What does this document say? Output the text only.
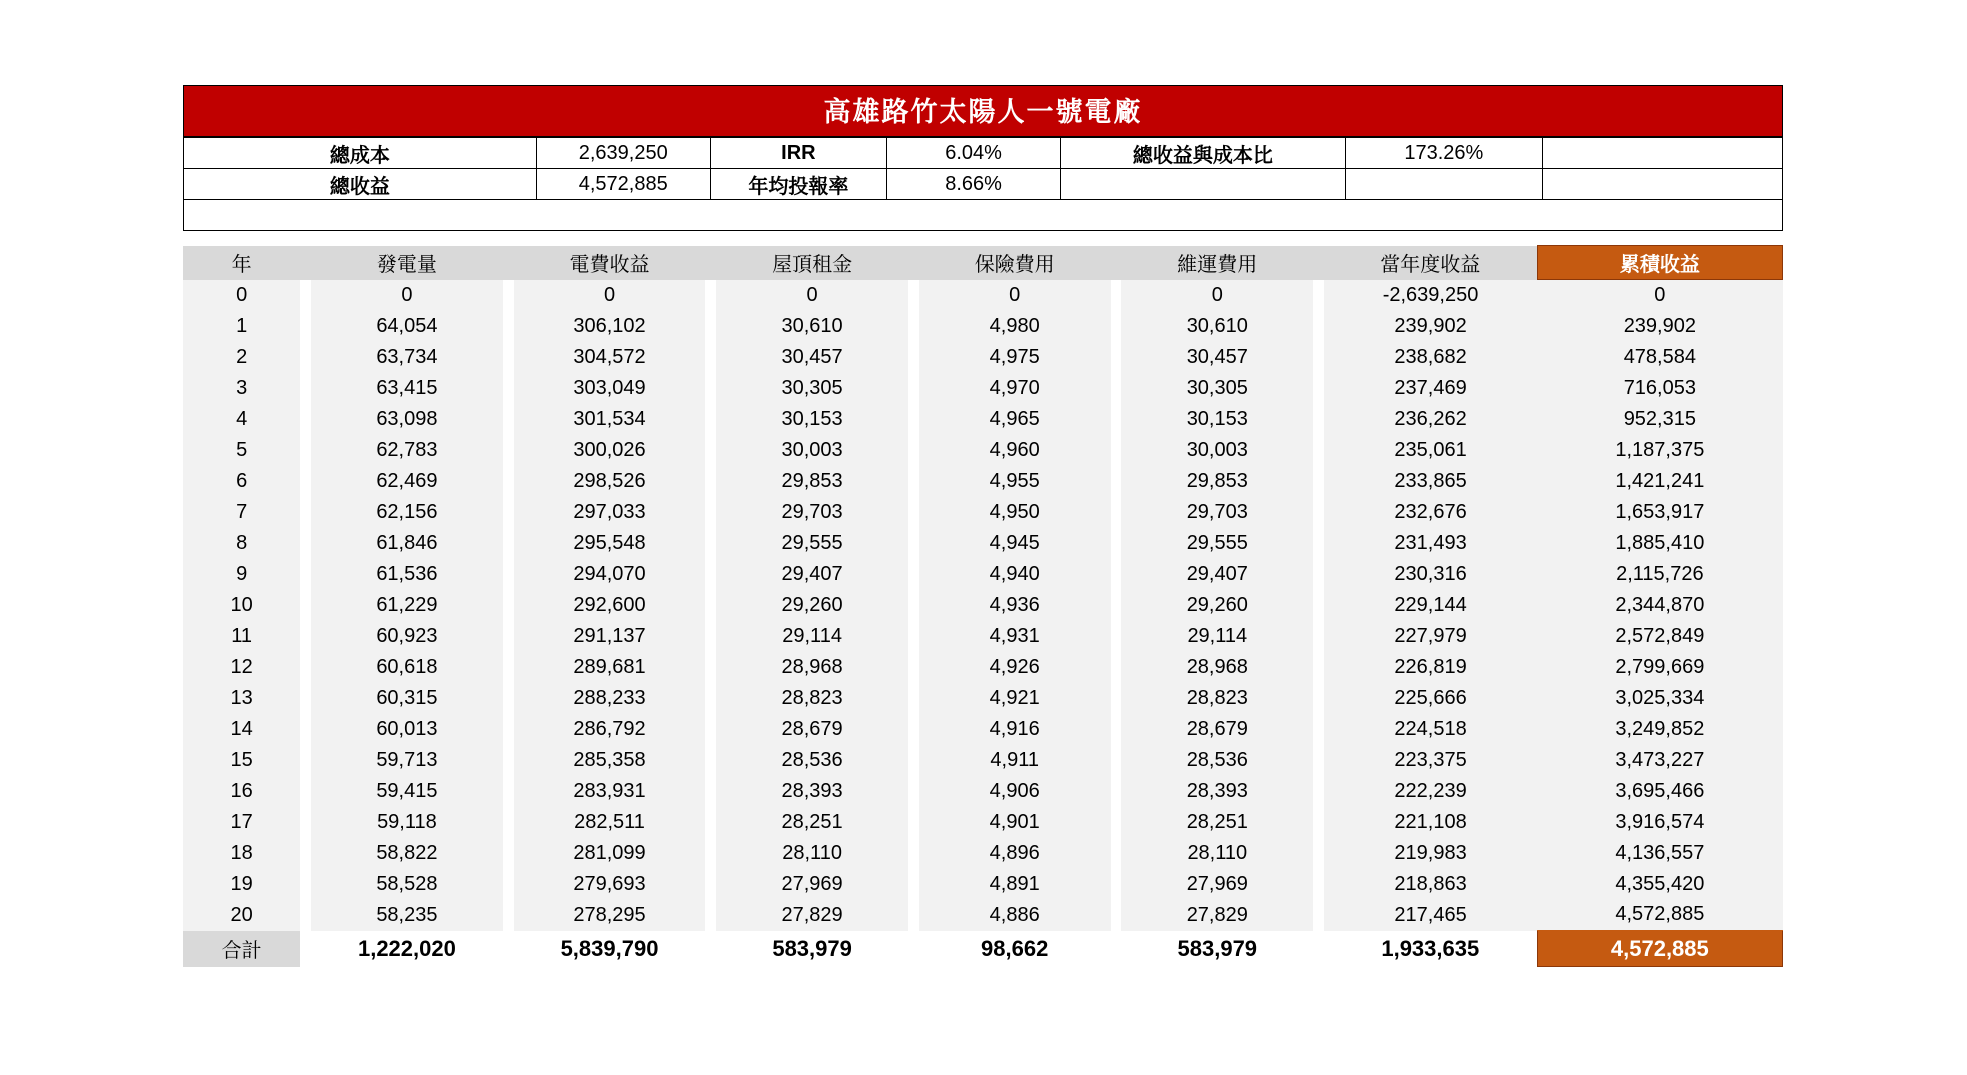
高雄路竹太陽人一號電廠
總成本	2,639,250	IRR	6.04%	總收益與成本比	173.26%	
總收益	4,572,885	年均投報率	8.66%			

年		發電量		電費收益		屋頂租金		保險費用		維運費用		當年度收益	累積收益
0		0		0		0		0		0		-2,639,250	0
1		64,054		306,102		30,610		4,980		30,610		239,902	239,902
2		63,734		304,572		30,457		4,975		30,457		238,682	478,584
3		63,415		303,049		30,305		4,970		30,305		237,469	716,053
4		63,098		301,534		30,153		4,965		30,153		236,262	952,315
5		62,783		300,026		30,003		4,960		30,003		235,061	1,187,375
6		62,469		298,526		29,853		4,955		29,853		233,865	1,421,241
7		62,156		297,033		29,703		4,950		29,703		232,676	1,653,917
8		61,846		295,548		29,555		4,945		29,555		231,493	1,885,410
9		61,536		294,070		29,407		4,940		29,407		230,316	2,115,726
10		61,229		292,600		29,260		4,936		29,260		229,144	2,344,870
11		60,923		291,137		29,114		4,931		29,114		227,979	2,572,849
12		60,618		289,681		28,968		4,926		28,968		226,819	2,799,669
13		60,315		288,233		28,823		4,921		28,823		225,666	3,025,334
14		60,013		286,792		28,679		4,916		28,679		224,518	3,249,852
15		59,713		285,358		28,536		4,911		28,536		223,375	3,473,227
16		59,415		283,931		28,393		4,906		28,393		222,239	3,695,466
17		59,118		282,511		28,251		4,901		28,251		221,108	3,916,574
18		58,822		281,099		28,110		4,896		28,110		219,983	4,136,557
19		58,528		279,693		27,969		4,891		27,969		218,863	4,355,420
20		58,235		278,295		27,829		4,886		27,829		217,465	4,572,885
合計		1,222,020		5,839,790		583,979		98,662		583,979		1,933,635	4,572,885
